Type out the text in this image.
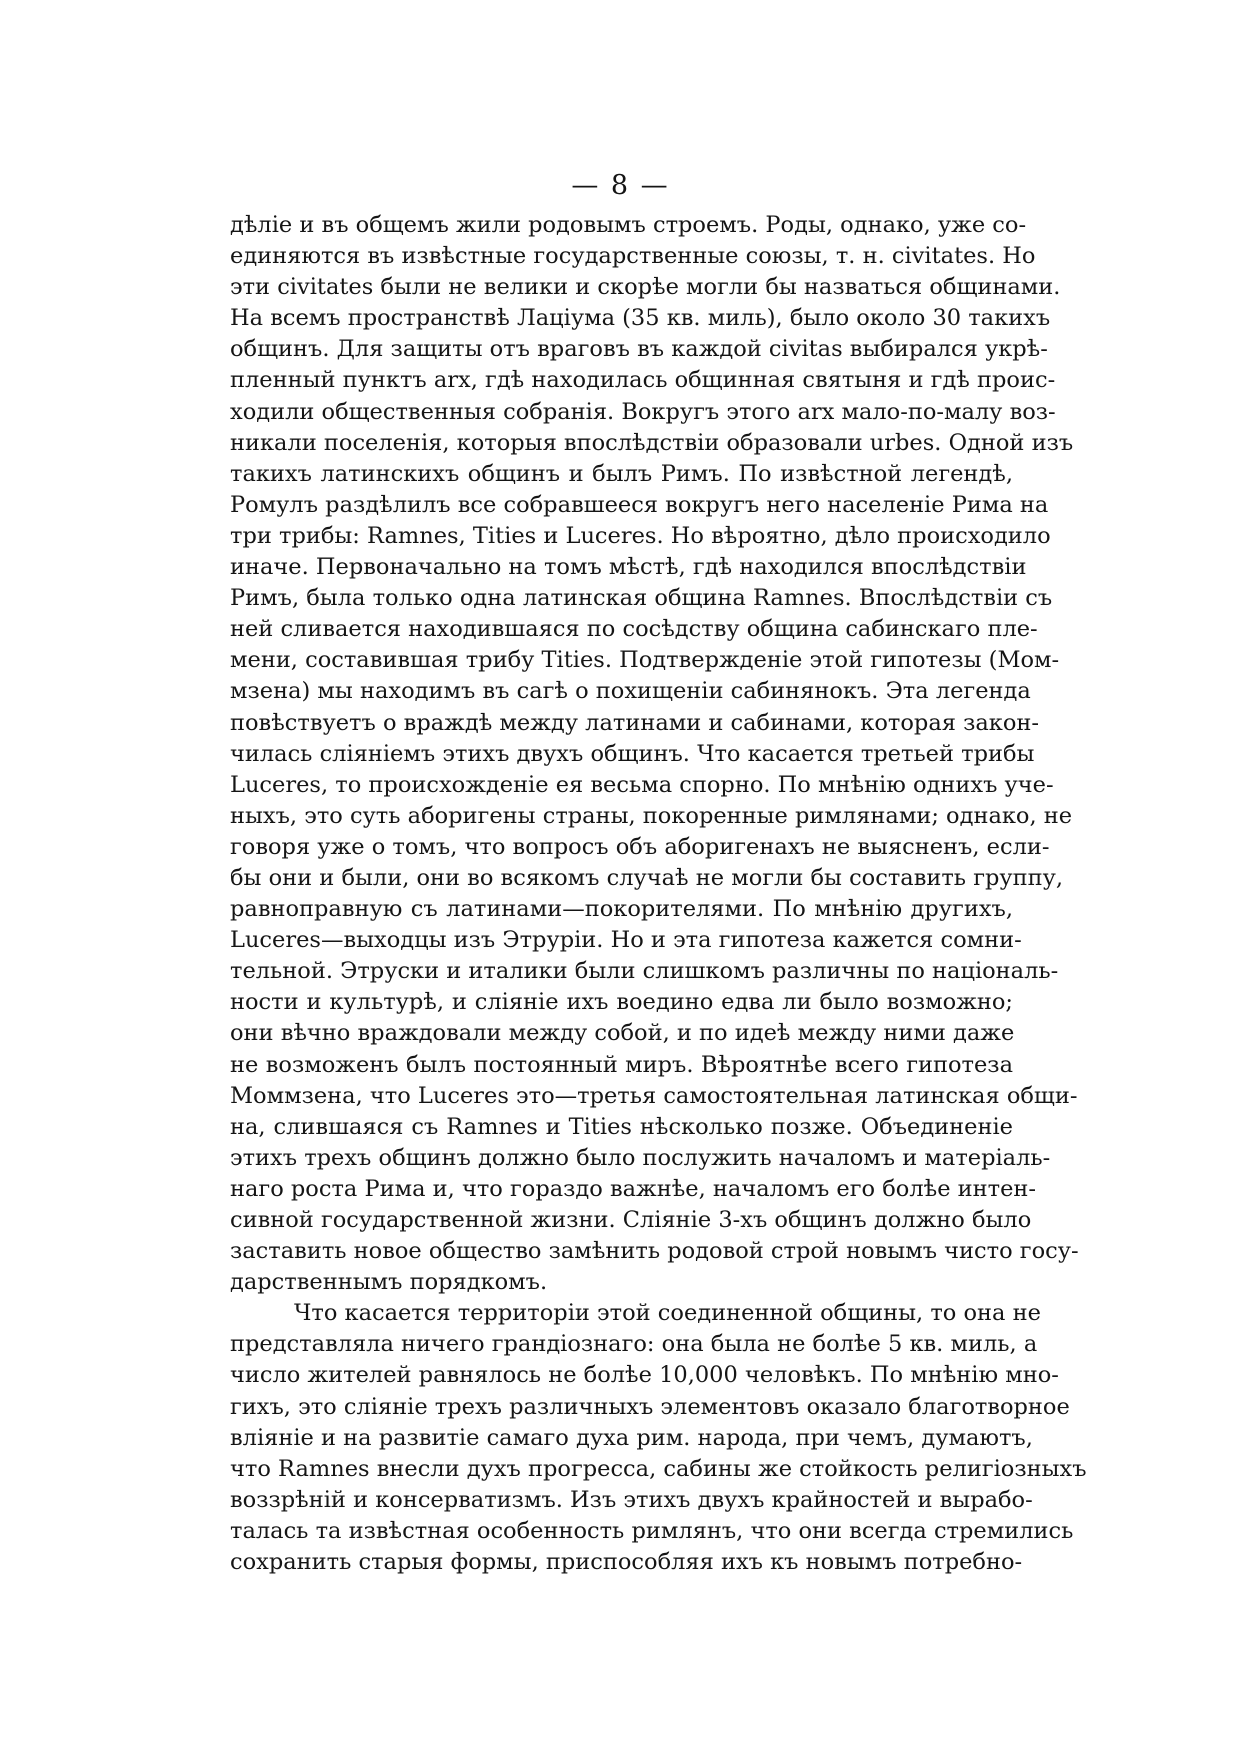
— 8 —

дѣліе и въ общемъ жили родовымъ строемъ. Роды, однако, уже со-
единяются въ извѣстные государственные союзы, т. н. civitates. Но
эти civitates были не велики и скорѣе могли бы назваться общинами.
На всемъ пространствѣ Лаціума (35 кв. миль), было около 30 такихъ
общинъ. Для защиты отъ враговъ въ каждой civitas выбирался укрѣ-
пленный пунктъ arx, гдѣ находилась общинная святыня и гдѣ проис-
ходили общественныя собранія. Вокругъ этого arx мало-по-малу воз-
никали поселенія, которыя впослѣдствіи образовали urbes. Одной изъ
такихъ латинскихъ общинъ и былъ Римъ. По извѣстной легендѣ,
Ромулъ раздѣлилъ все собравшееся вокругъ него населеніе Рима на
три трибы: Ramnes, Tities и Luceres. Но вѣроятно, дѣло происходило
иначе. Первоначально на томъ мѣстѣ, гдѣ находился впослѣдствіи
Римъ, была только одна латинская община Ramnes. Впослѣдствіи съ
ней сливается находившаяся по сосѣдству община сабинскаго пле-
мени, составившая трибу Tities. Подтвержденіе этой гипотезы (Мом-
мзена) мы находимъ въ сагѣ о похищеніи сабинянокъ. Эта легенда
повѣствуетъ о враждѣ между латинами и сабинами, которая закон-
чилась сліяніемъ этихъ двухъ общинъ. Что касается третьей трибы
Luceres, то происхожденіе ея весьма спорно. По мнѣнію однихъ уче-
ныхъ, это суть аборигены страны, покоренные римлянами; однако, не
говоря уже о томъ, что вопросъ объ аборигенахъ не выясненъ, если-
бы они и были, они во всякомъ случаѣ не могли бы составить группу,
равноправную съ латинами—покорителями. По мнѣнію другихъ,
Luceres—выходцы изъ Этруріи. Но и эта гипотеза кажется сомни-
тельной. Этруски и италики были слишкомъ различны по національ-
ности и культурѣ, и сліяніе ихъ воедино едва ли было возможно;
они вѣчно враждовали между собой, и по идеѣ между ними даже
не возможенъ былъ постоянный миръ. Вѣроятнѣе всего гипотеза
Моммзена, что Luceres это—третья самостоятельная латинская общи-
на, слившаяся съ Ramnes и Tities нѣсколько позже. Объединеніе
этихъ трехъ общинъ должно было послужить началомъ и матеріаль-
наго роста Рима и, что гораздо важнѣе, началомъ его болѣе интен-
сивной государственной жизни. Сліяніе 3-хъ общинъ должно было
заставить новое общество замѣнить родовой строй новымъ чисто госу-
дарственнымъ порядкомъ.

Что касается территоріи этой соединенной общины, то она не
представляла ничего грандіознаго: она была не болѣе 5 кв. миль, а
число жителей равнялось не болѣе 10,000 человѣкъ. По мнѣнію мно-
гихъ, это сліяніе трехъ различныхъ элементовъ оказало благотворное
вліяніе и на развитіе самаго духа рим. народа, при чемъ, думаютъ,
что Ramnes внесли духъ прогресса, сабины же стойкость религіозныхъ
воззрѣній и консерватизмъ. Изъ этихъ двухъ крайностей и вырабо-
талась та извѣстная особенность римлянъ, что они всегда стремились
сохранить старыя формы, приспособляя ихъ къ новымъ потребно-
